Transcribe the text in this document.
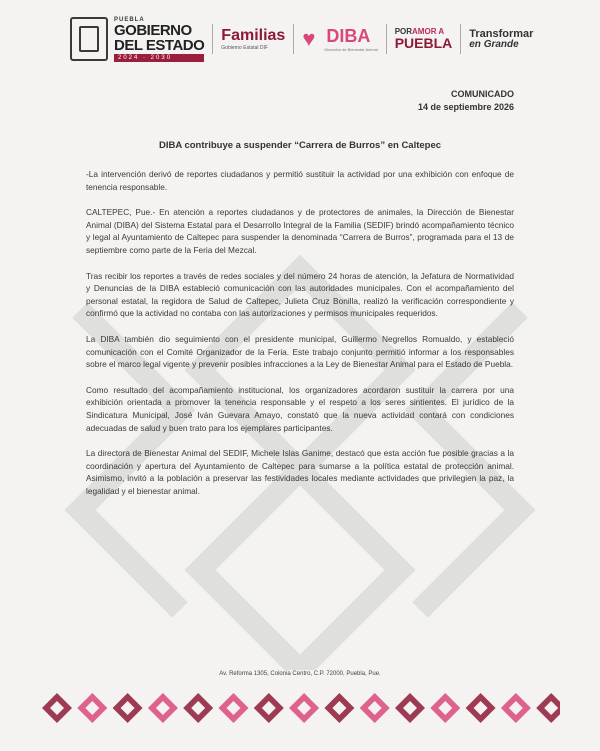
PUEBLA
GOBIERNO
DEL ESTADO
2024 · 2030
Familias
Gobierno Estatal DIF	♥ DIBA
Dirección de Bienestar Animal
PORAMOR A
PUEBLA
Transformar
en Grande
COMUNICADO
14 de septiembre 2026
DIBA contribuye a suspender “Carrera de Burros” en Caltepec

-La intervención derivó de reportes ciudadanos y permitió sustituir la actividad por una exhibición con enfoque de tenencia responsable.

CALTEPEC, Pue.- En atención a reportes ciudadanos y de protectores de animales, la Dirección de Bienestar Animal (DIBA) del Sistema Estatal para el Desarrollo Integral de la Familia (SEDIF) brindó acompañamiento técnico y legal al Ayuntamiento de Caltepec para suspender la denominada “Carrera de Burros”, programada para el 13 de septiembre como parte de la Feria del Mezcal.

Tras recibir los reportes a través de redes sociales y del número 24 horas de atención, la Jefatura de Normatividad y Denuncias de la DIBA estableció comunicación con las autoridades municipales. Con el acompañamiento del personal estatal, la regidora de Salud de Caltepec, Julieta Cruz Bonilla, realizó la verificación correspondiente y confirmó que la actividad no contaba con las autorizaciones y permisos municipales requeridos.

La DIBA también dio seguimiento con el presidente municipal, Guillermo Negrellos Romualdo, y estableció comunicación con el Comité Organizador de la Feria. Este trabajo conjunto permitió informar a los responsables sobre el marco legal vigente y prevenir posibles infracciones a la Ley de Bienestar Animal para el Estado de Puebla.

Como resultado del acompañamiento institucional, los organizadores acordaron sustituir la carrera por una exhibición orientada a promover la tenencia responsable y el respeto a los seres sintientes. El jurídico de la Sindicatura Municipal, José Iván Guevara Amayo, constató que la nueva actividad contará con condiciones adecuadas de salud y buen trato para los ejemplares participantes.

La directora de Bienestar Animal del SEDIF, Michele Islas Ganime, destacó que esta acción fue posible gracias a la coordinación y apertura del Ayuntamiento de Caltepec para sumarse a la política estatal de protección animal. Asimismo, invitó a la población a preservar las festividades locales mediante actividades que privilegien la paz, la legalidad y el bienestar animal.

Av. Reforma 1305, Colonia Centro, C.P. 72000, Puebla, Pue.
